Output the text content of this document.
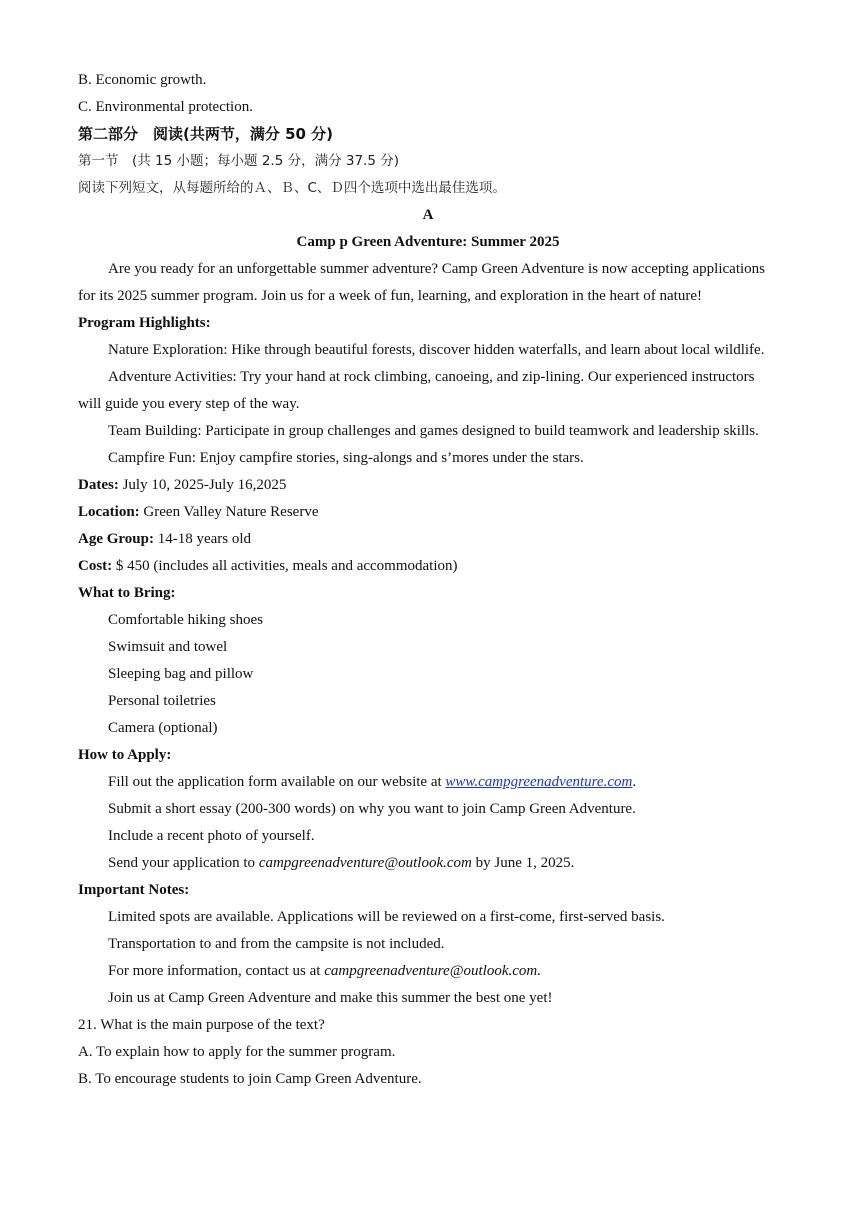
B. Economic growth.
C. Environmental protection.
第二部分　阅读(共两节，满分 50 分)
第一节　(共 15 小题；每小题 2.5 分，满分 37.5 分)
阅读下列短文，从每题所给的Ａ、Ｂ、C、Ｄ四个选项中选出最佳选项。
A
Camp p Green Adventure: Summer 2025
Are you ready for an unforgettable summer adventure? Camp Green Adventure is now accepting applications for its 2025 summer program. Join us for a week of fun, learning, and exploration in the heart of nature!
Program Highlights:
Nature Exploration: Hike through beautiful forests, discover hidden waterfalls, and learn about local wildlife.
Adventure Activities: Try your hand at rock climbing, canoeing, and zip-lining. Our experienced instructors will guide you every step of the way.
Team Building: Participate in group challenges and games designed to build teamwork and leadership skills.
Campfire Fun: Enjoy campfire stories, sing-alongs and s’mores under the stars.
Dates: July 10, 2025-July 16,2025
Location: Green Valley Nature Reserve
Age Group: 14-18 years old
Cost: $ 450 (includes all activities, meals and accommodation)
What to Bring:
Comfortable hiking shoes
Swimsuit and towel
Sleeping bag and pillow
Personal toiletries
Camera (optional)
How to Apply:
Fill out the application form available on our website at www.campgreenadventure.com.
Submit a short essay (200-300 words) on why you want to join Camp Green Adventure.
Include a recent photo of yourself.
Send your application to campgreenadventure@outlook.com by June 1, 2025.
Important Notes:
Limited spots are available. Applications will be reviewed on a first-come, first-served basis.
Transportation to and from the campsite is not included.
For more information, contact us at campgreenadventure@outlook.com.
Join us at Camp Green Adventure and make this summer the best one yet!
21. What is the main purpose of the text?
A. To explain how to apply for the summer program.
B. To encourage students to join Camp Green Adventure.
